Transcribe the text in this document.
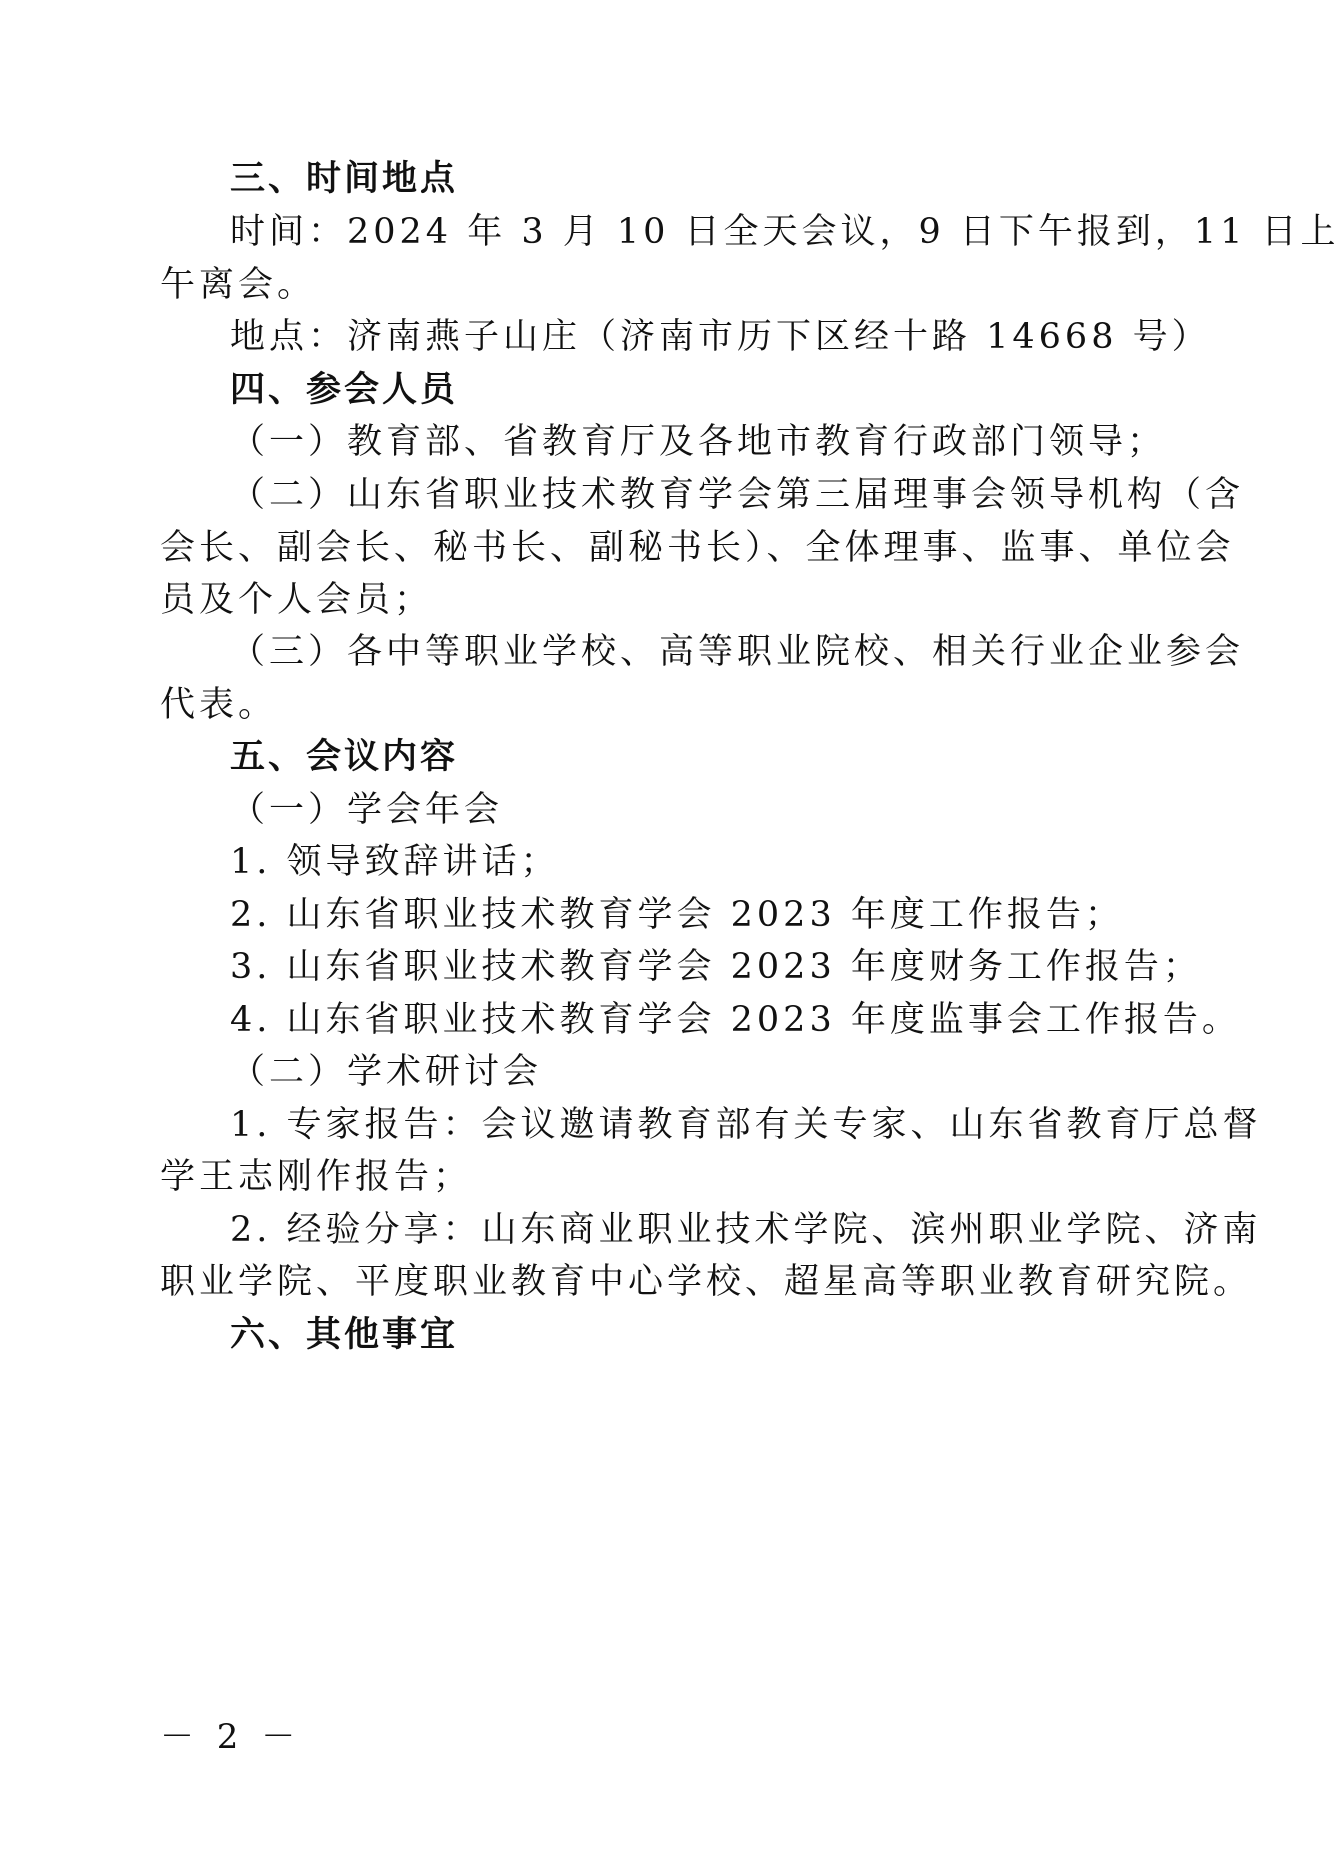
三、时间地点
时间：2024 年 3 月 10 日全天会议，9 日下午报到，11 日上
午离会。
地点：济南燕子山庄（济南市历下区经十路 14668 号）
四、参会人员
（一）教育部、省教育厅及各地市教育行政部门领导；
（二）山东省职业技术教育学会第三届理事会领导机构（含
会长、副会长、秘书长、副秘书长）、全体理事、监事、单位会
员及个人会员；
（三）各中等职业学校、高等职业院校、相关行业企业参会
代表。
五、会议内容
（一）学会年会
1. 领导致辞讲话；
2. 山东省职业技术教育学会 2023 年度工作报告；
3. 山东省职业技术教育学会 2023 年度财务工作报告；
4. 山东省职业技术教育学会 2023 年度监事会工作报告。
（二）学术研讨会
1. 专家报告：会议邀请教育部有关专家、山东省教育厅总督
学王志刚作报告；
2. 经验分享：山东商业职业技术学院、滨州职业学院、济南
职业学院、平度职业教育中心学校、超星高等职业教育研究院。
六、其他事宜
－ 2 －
